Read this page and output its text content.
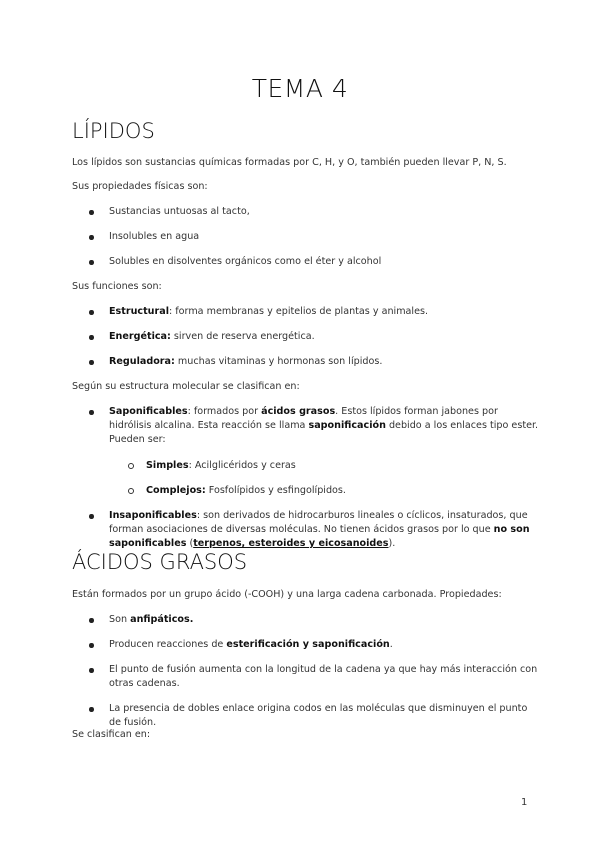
TEMA 4
LÍPIDOS
Los lípidos son sustancias químicas formadas por C, H, y O, también pueden llevar P, N, S.
Sus propiedades físicas son:
Sustancias untuosas al tacto,
Insolubles en agua
Solubles en disolventes orgánicos como el éter y alcohol
Sus funciones son:
Estructural: forma membranas y epitelios de plantas y animales.
Energética: sirven de reserva energética.
Reguladora: muchas vitaminas y hormonas son lípidos.
Según su estructura molecular se clasifican en:
Saponificables: formados por ácidos grasos. Estos lípidos forman jabones por hidrólisis alcalina. Esta reacción se llama saponificación debido a los enlaces tipo ester. Pueden ser:
Simples: Acilglicéridos y ceras
Complejos: Fosfolípidos y esfingolípidos.
Insaponificables: son derivados de hidrocarburos lineales o cíclicos, insaturados, que forman asociaciones de diversas moléculas. No tienen ácidos grasos por lo que no son saponificables (terpenos, esteroides y eicosanoides).
ÁCIDOS GRASOS
Están formados por un grupo ácido (-COOH) y una larga cadena carbonada. Propiedades:
Son anfipáticos.
Producen reacciones de esterificación y saponificación.
El punto de fusión aumenta con la longitud de la cadena ya que hay más interacción con otras cadenas.
La presencia de dobles enlace origina codos en las moléculas que disminuyen el punto de fusión.
Se clasifican en:
1
